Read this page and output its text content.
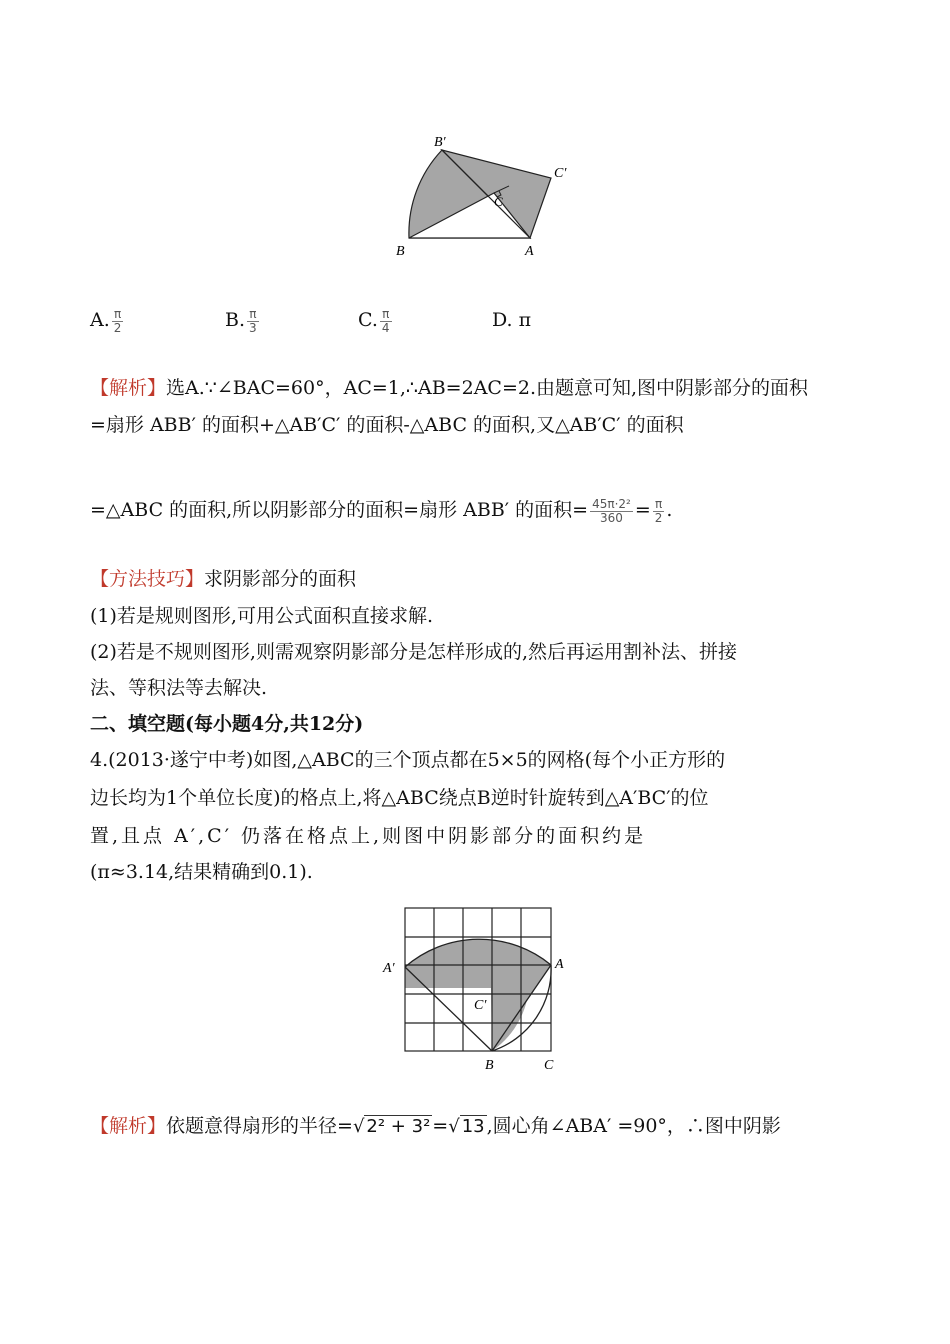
B′
C′
C
B	A
A. $\frac{\pi}{2}$	B. $\frac{\pi}{3}$	C. $\frac{\pi}{4}$	D. π
【解析】选A.∵∠BAC=60°，AC=1,∴AB=2AC=2.由题意可知,图中阴影部分的面积
=扇形 ABB′ 的面积+△AB′C′ 的面积-△ABC 的面积,又△AB′C′ 的面积
=△ABC 的面积,所以阴影部分的面积=扇形 ABB′ 的面积= $\frac{\text{45π·2²}}{360} = \frac{\pi}{2}$ .
【方法技巧】求阴影部分的面积
(1)若是规则图形,可用公式面积直接求解.
(2)若是不规则图形,则需观察阴影部分是怎样形成的,然后再运用割补法、拼接
法、等积法等去解决.
二、填空题(每小题4分,共12分)
4.(2013·遂宁中考)如图,△ABC的三个顶点都在5×5的网格(每个小正方形的
边长均为1个单位长度)的格点上,将△ABC绕点B逆时针旋转到△A′BC′的位
置,且点 A′,C′ 仍落在格点上,则图中阴影部分的面积约是
(π≈3.14,结果精确到0.1).
A
A′
C′
B	C
【解析】依题意得扇形的半径=√ 2² + 3² =√ 13 ,圆心角∠ABA′ =90°，∴图中阴影
